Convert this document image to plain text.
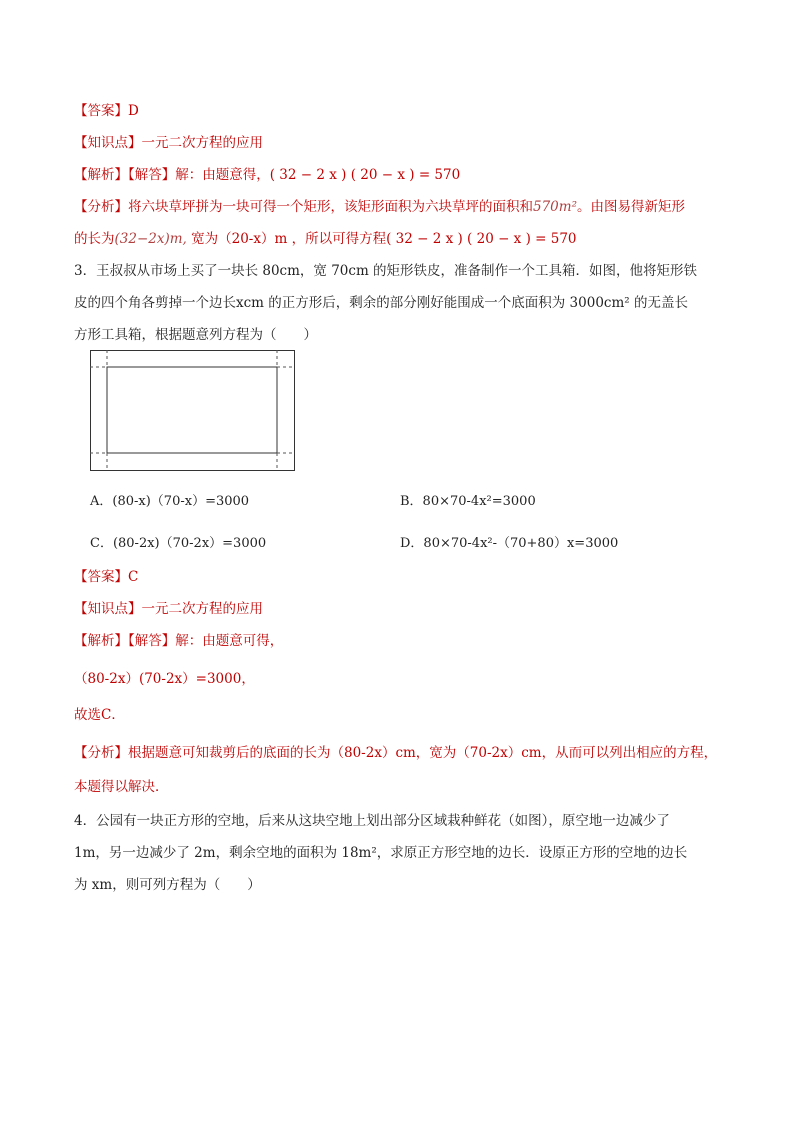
【答案】D
【知识点】一元二次方程的应用
【解析】【解答】解：由题意得，( 32 − 2 x ) ( 20 − x ) = 570
【分析】将六块草坪拼为一块可得一个矩形，该矩形面积为六块草坪的面积和570m²。由图易得新矩形
的长为(32−2x)m, 宽为（20-x）m ，所以可得方程( 32 − 2 x ) ( 20 − x ) = 570
3．王叔叔从市场上买了一块长 80cm，宽 70cm 的矩形铁皮，准备制作一个工具箱．如图，他将矩形铁
皮的四个角各剪掉一个边长xcm 的正方形后，剩余的部分刚好能围成一个底面积为 3000cm² 的无盖长
方形工具箱，根据题意列方程为（　　）
A．(80-x)（70-x）=3000	B．80×70-4x²=3000
C．(80-2x)（70-2x）=3000	D．80×70-4x²-（70+80）x=3000
【答案】C
【知识点】一元二次方程的应用
【解析】【解答】解：由题意可得，
（80-2x）(70-2x）=3000，
故选C．
【分析】根据题意可知裁剪后的底面的长为（80-2x）cm，宽为（70-2x）cm，从而可以列出相应的方程，
本题得以解决．
4．公园有一块正方形的空地，后来从这块空地上划出部分区域栽种鲜花（如图），原空地一边减少了
1m，另一边减少了 2m，剩余空地的面积为 18m²，求原正方形空地的边长．设原正方形的空地的边长
为 xm，则可列方程为（　　）
